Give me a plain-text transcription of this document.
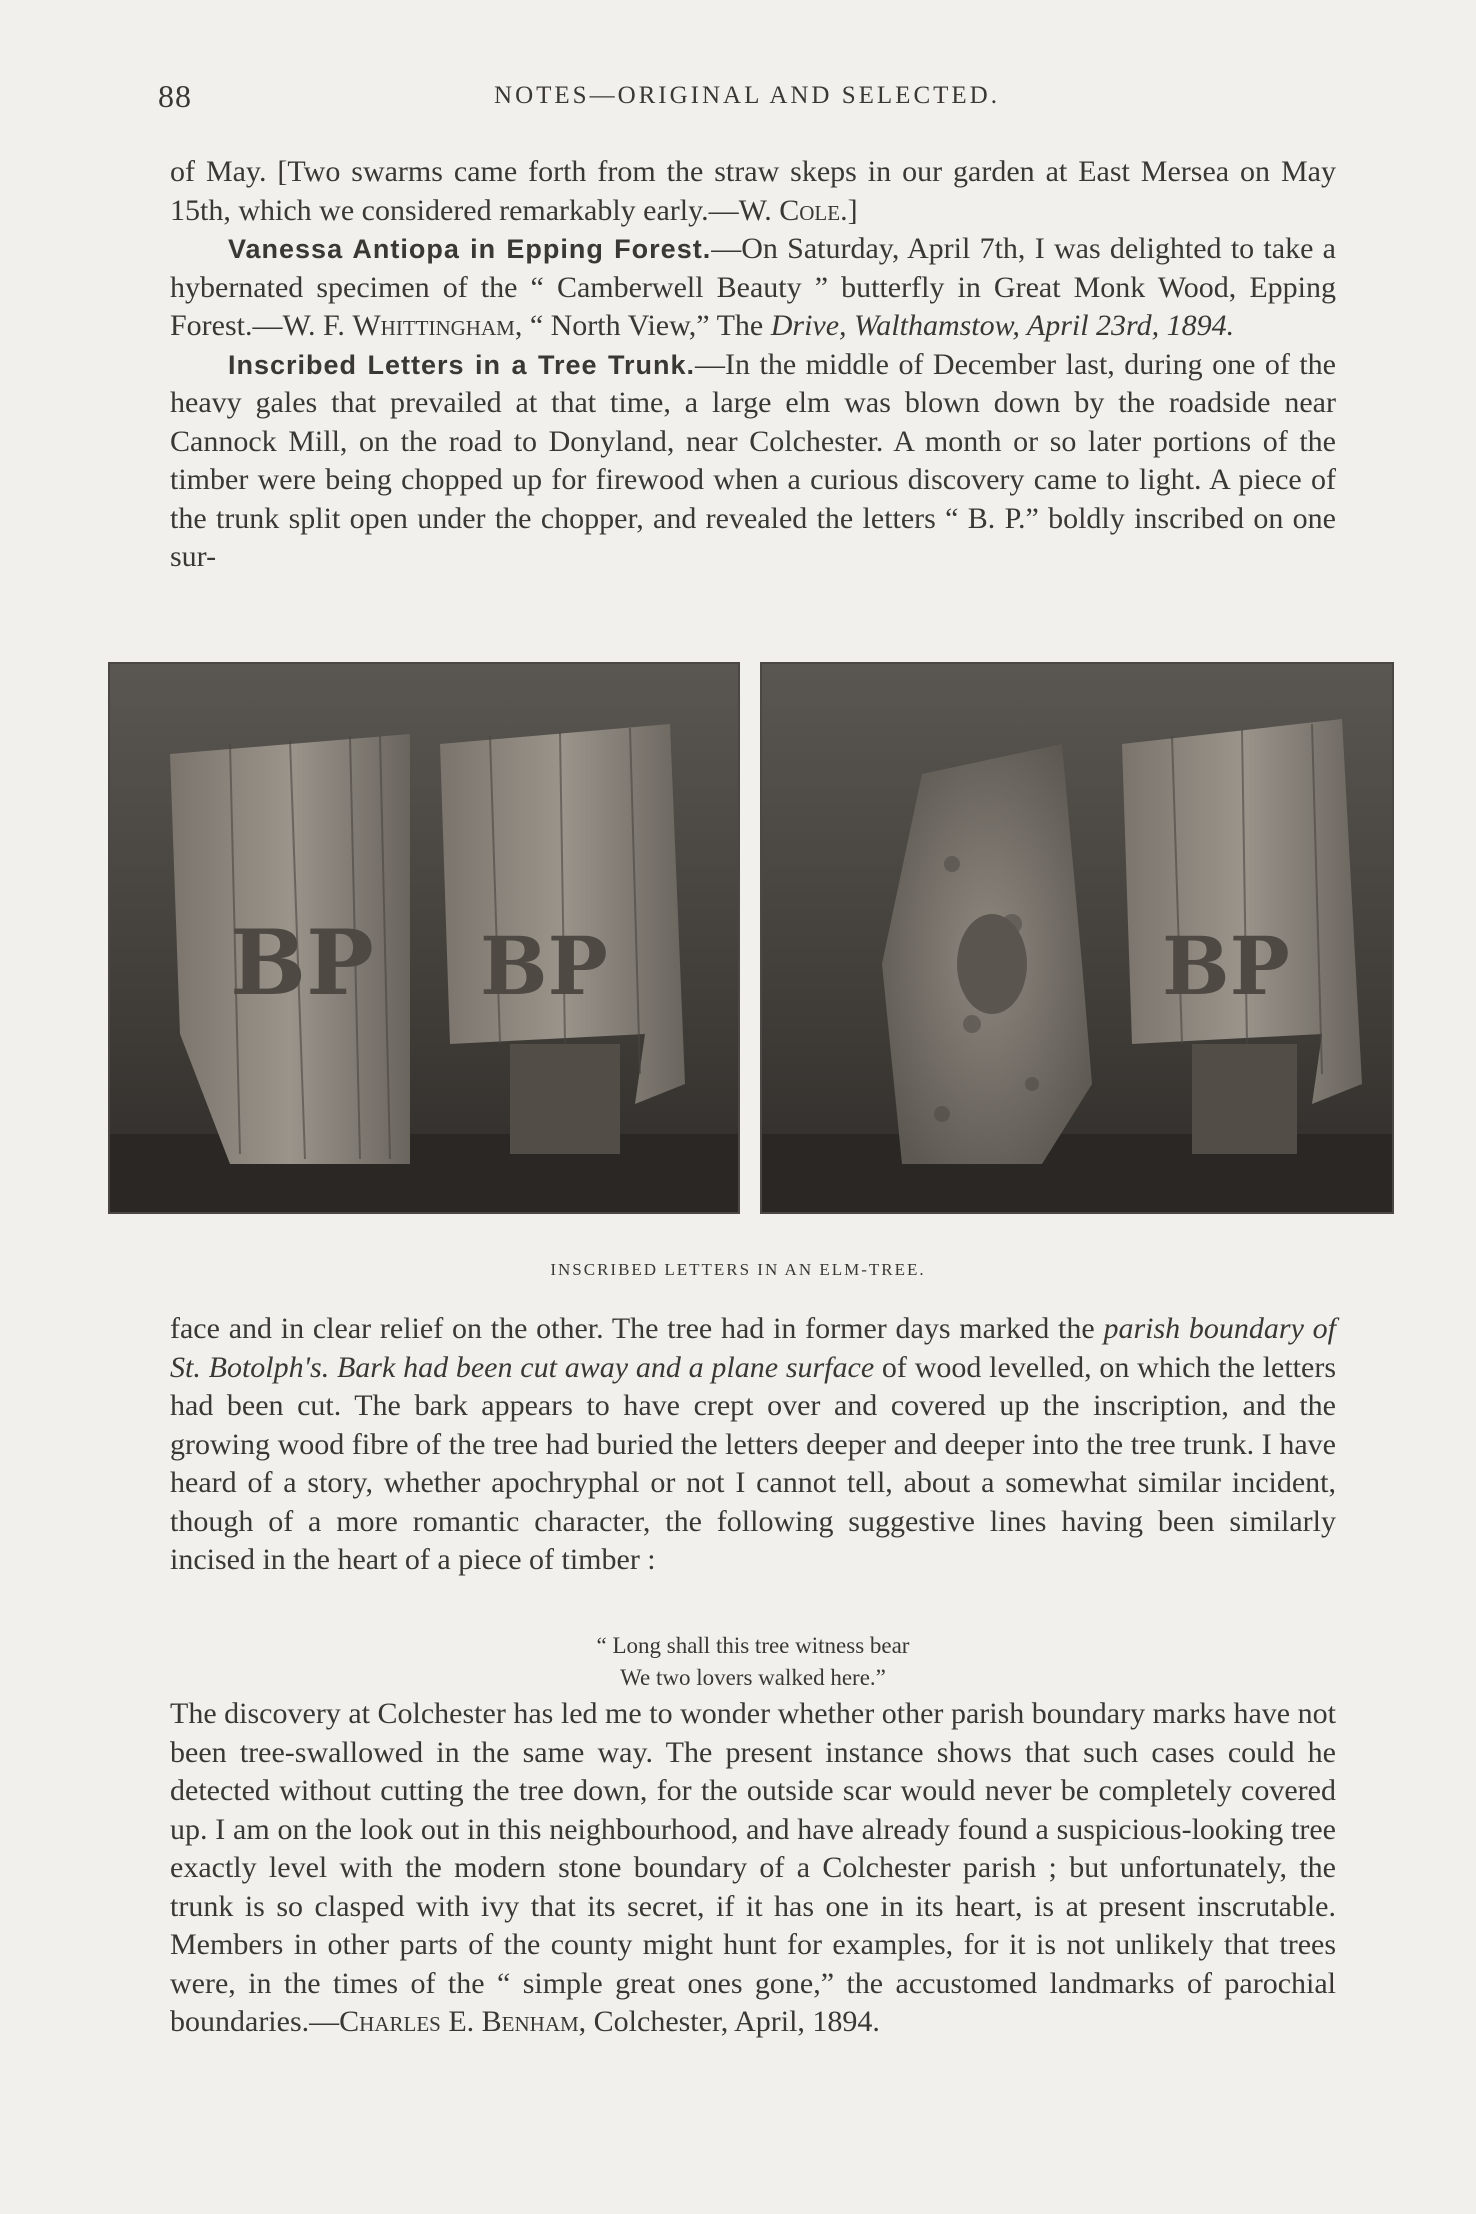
88	NOTES—ORIGINAL AND SELECTED.

of May. [Two swarms came forth from the straw skeps in our garden at East Mersea on May 15th, which we considered remarkably early.—W. Cole.]

Vanessa Antiopa in Epping Forest.—On Saturday, April 7th, I was delighted to take a hybernated specimen of the “ Camberwell Beauty ” butterfly in Great Monk Wood, Epping Forest.—W. F. Whittingham, “ North View,” The Drive, Walthamstow, April 23rd, 1894.

Inscribed Letters in a Tree Trunk.—In the middle of December last, during one of the heavy gales that prevailed at that time, a large elm was blown down by the roadside near Cannock Mill, on the road to Donyland, near Colchester. A month or so later portions of the timber were being chopped up for firewood when a curious discovery came to light. A piece of the trunk split open under the chopper, and revealed the letters “ B. P.” boldly inscribed on one sur-

BP BP	BP
INSCRIBED LETTERS IN AN ELM-TREE.

face and in clear relief on the other. The tree had in former days marked the parish boundary of St. Botolph's. Bark had been cut away and a plane surface of wood levelled, on which the letters had been cut. The bark appears to have crept over and covered up the inscription, and the growing wood fibre of the tree had buried the letters deeper and deeper into the tree trunk. I have heard of a story, whether apochryphal or not I cannot tell, about a somewhat similar incident, though of a more romantic character, the following suggestive lines having been similarly incised in the heart of a piece of timber :

“ Long shall this tree witness bear
We two lovers walked here.”

The discovery at Colchester has led me to wonder whether other parish boundary marks have not been tree-swallowed in the same way. The present instance shows that such cases could he detected without cutting the tree down, for the outside scar would never be completely covered up. I am on the look out in this neighbourhood, and have already found a suspicious-looking tree exactly level with the modern stone boundary of a Colchester parish ; but unfortunately, the trunk is so clasped with ivy that its secret, if it has one in its heart, is at present inscrutable. Members in other parts of the county might hunt for examples, for it is not unlikely that trees were, in the times of the “ simple great ones gone,” the accustomed landmarks of parochial boundaries.—Charles E. Benham, Colchester, April, 1894.
